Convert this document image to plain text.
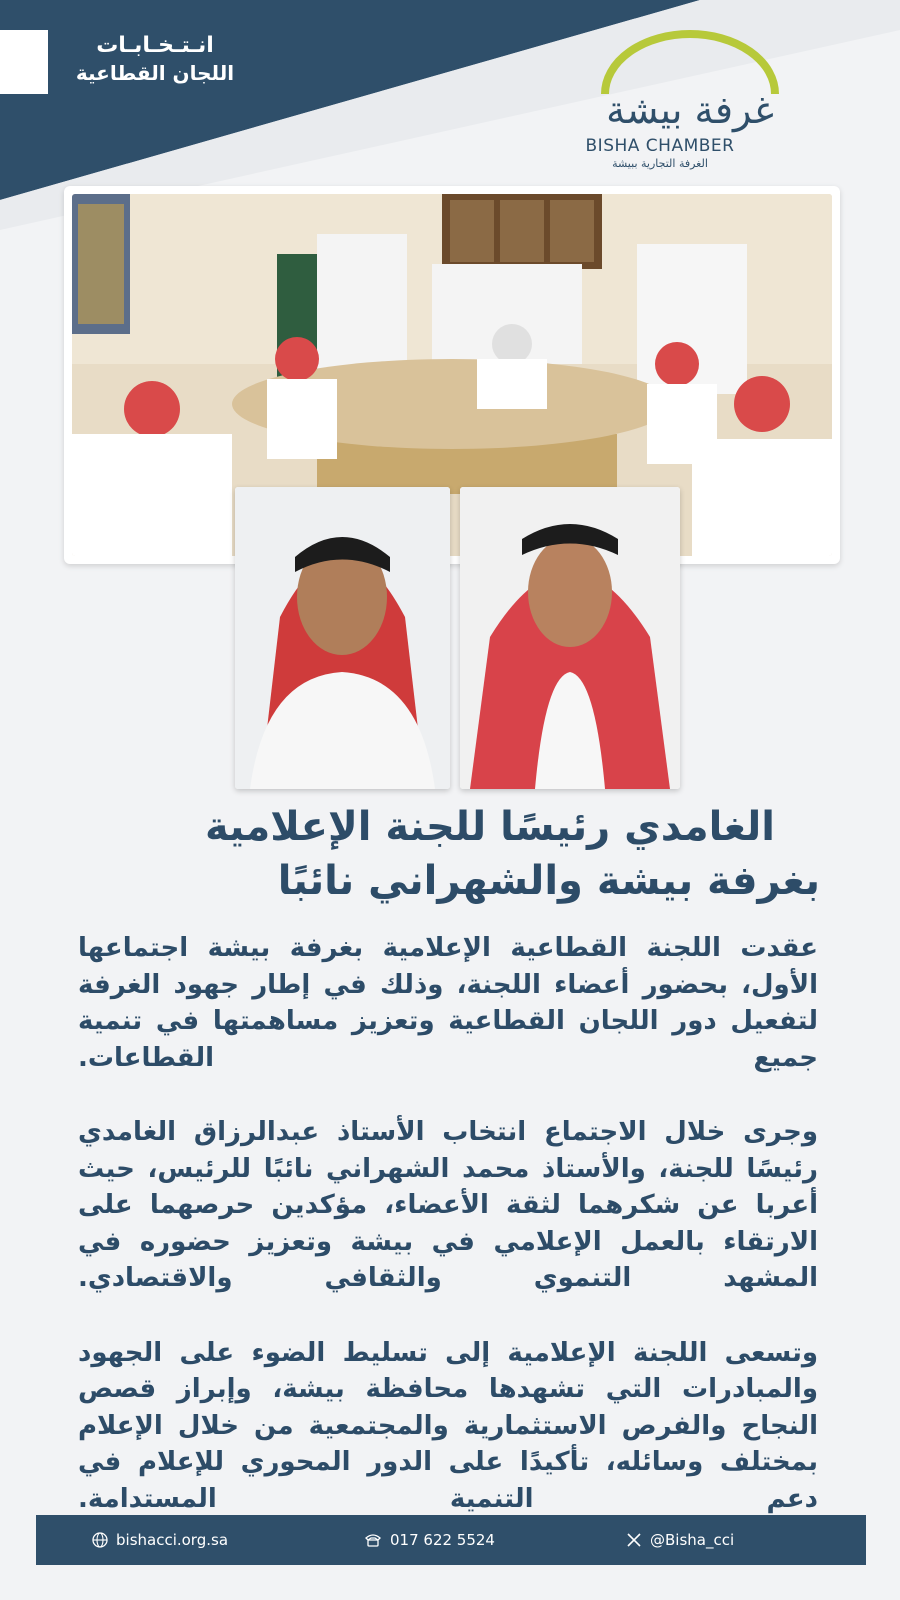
انـتـخـابـات
اللجان القطاعية
غرفة بيشة
BISHA CHAMBER
الغرفة التجارية ببيشة
الغامدي رئيسًا للجنة الإعلامية
بغرفة بيشة والشهراني نائبًا

عقدت اللجنة القطاعية الإعلامية بغرفة بيشة اجتماعها الأول، بحضور أعضاء اللجنة، وذلك في إطار جهود الغرفة لتفعيل دور اللجان القطاعية وتعزيز مساهمتها في تنمية جميع القطاعات.

وجرى خلال الاجتماع انتخاب الأستاذ عبدالرزاق الغامدي رئيسًا للجنة، والأستاذ محمد الشهراني نائبًا للرئيس، حيث أعربا عن شكرهما لثقة الأعضاء، مؤكدين حرصهما على الارتقاء بالعمل الإعلامي في بيشة وتعزيز حضوره في المشهد التنموي والثقافي والاقتصادي.

وتسعى اللجنة الإعلامية إلى تسليط الضوء على الجهود والمبادرات التي تشهدها محافظة بيشة، وإبراز قصص النجاح والفرص الاستثمارية والمجتمعية من خلال الإعلام بمختلف وسائله، تأكيدًا على الدور المحوري للإعلام في دعم التنمية المستدامة.

bishacci.org.sa	017 622 5524	@Bisha_cci
